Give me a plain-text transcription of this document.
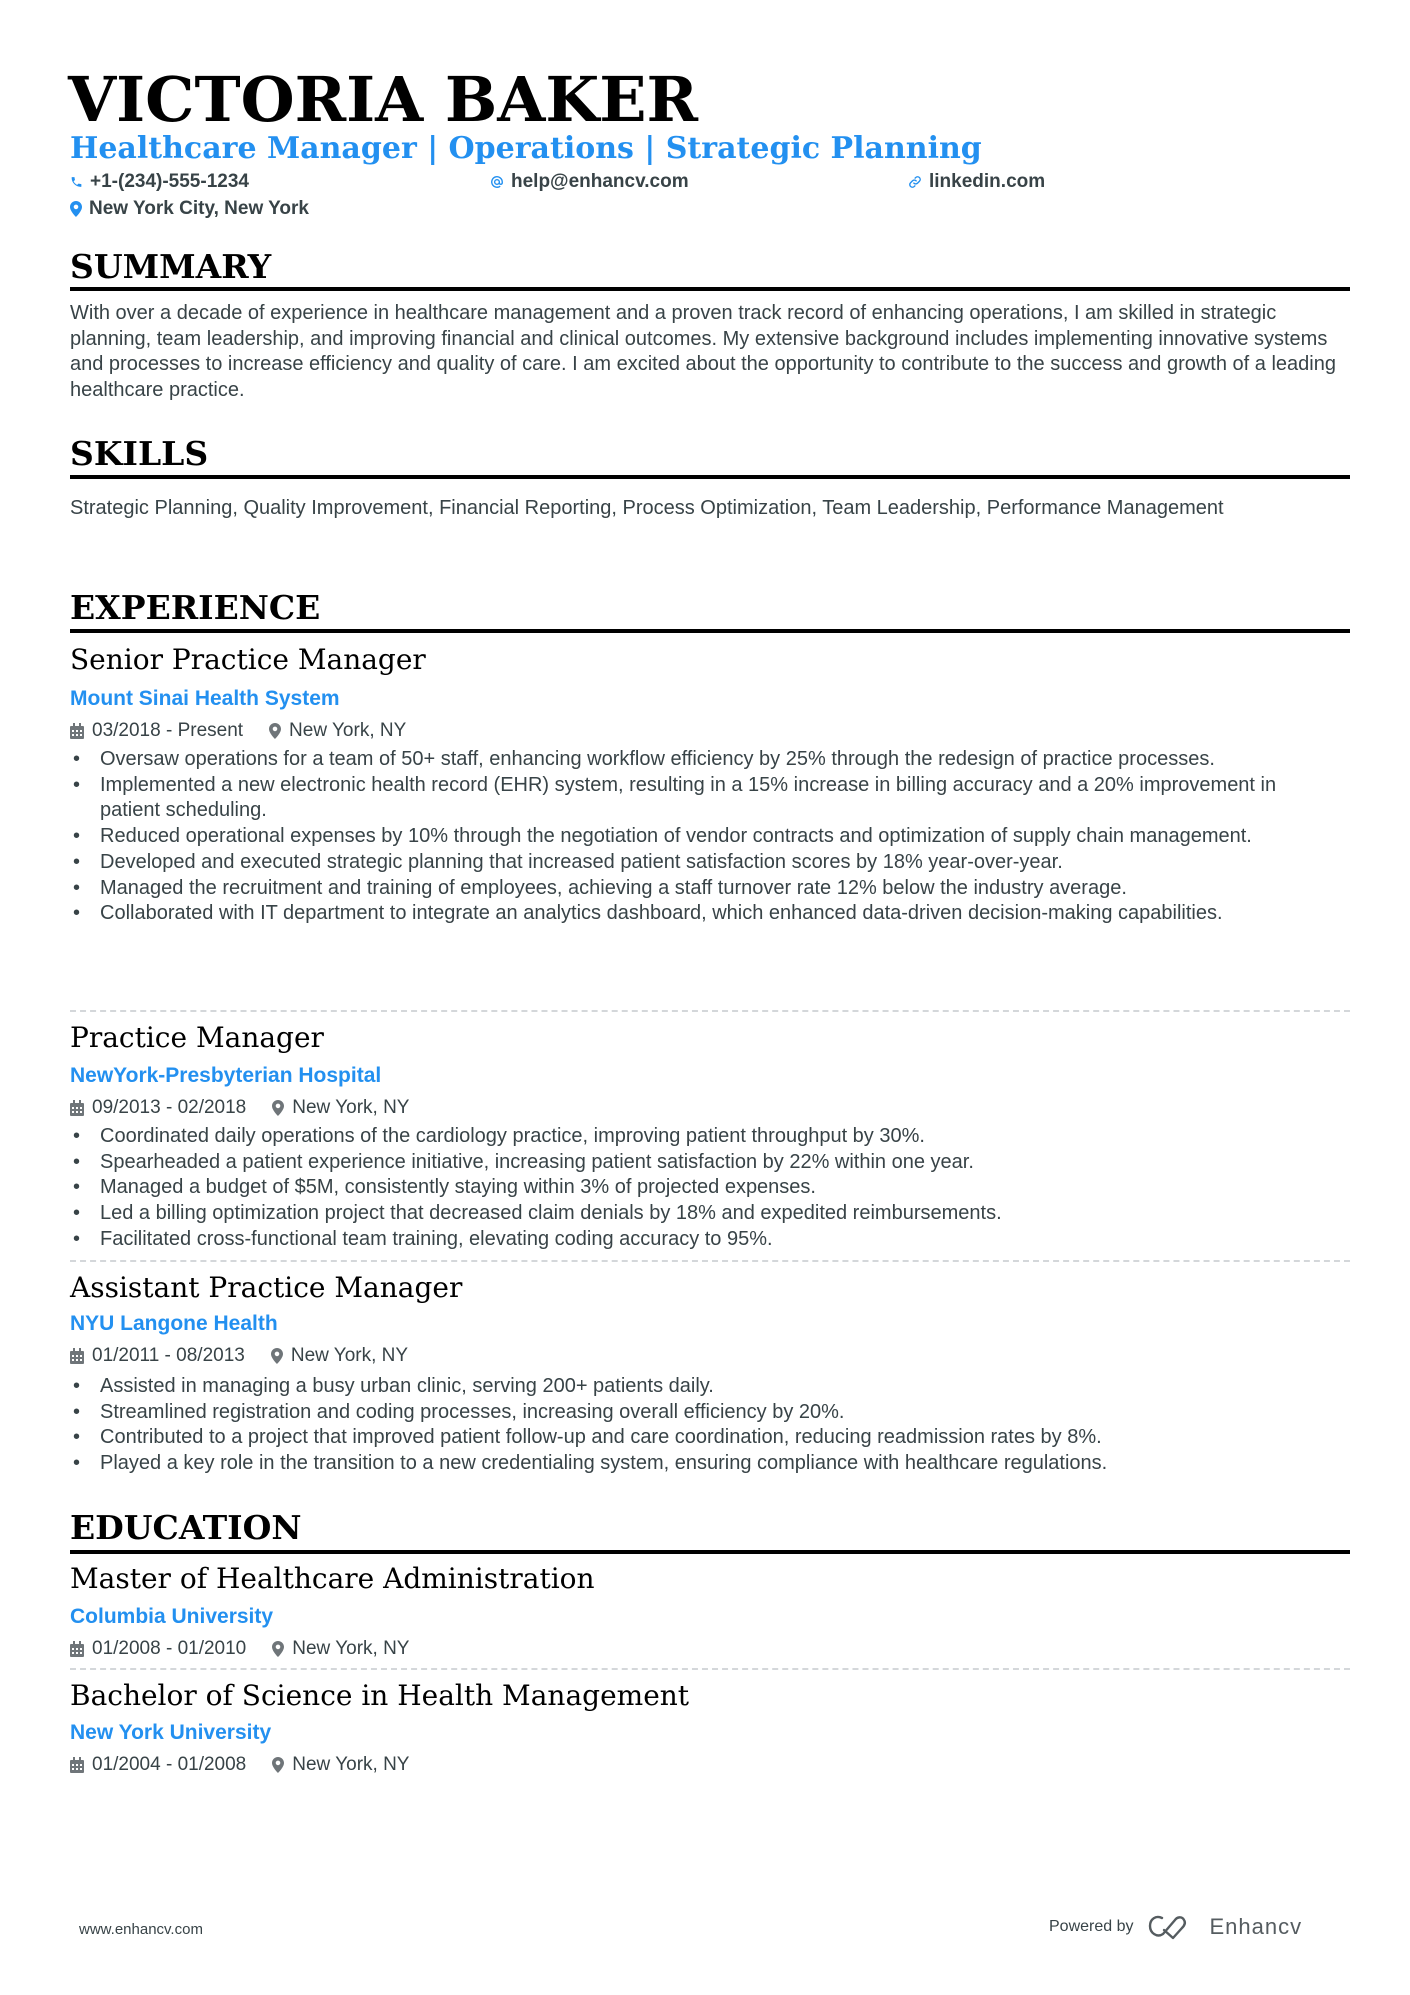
VICTORIA BAKER
Healthcare Manager | Operations | Strategic Planning
+1-(234)-555-1234	help@enhancv.com	linkedin.com
New York City, New York
SUMMARY
With over a decade of experience in healthcare management and a proven track record of enhancing operations, I am skilled in strategic planning, team leadership, and improving financial and clinical outcomes. My extensive background includes implementing innovative systems and processes to increase efficiency and quality of care. I am excited about the opportunity to contribute to the success and growth of a leading healthcare practice.
SKILLS
Strategic Planning, Quality Improvement, Financial Reporting, Process Optimization, Team Leadership, Performance Management
EXPERIENCE
Senior Practice Manager
Mount Sinai Health System
03/2018 - Present New York, NY
• Oversaw operations for a team of 50+ staff, enhancing workflow efficiency by 25% through the redesign of practice processes.
• Implemented a new electronic health record (EHR) system, resulting in a 15% increase in billing accuracy and a 20% improvement in patient scheduling.
• Reduced operational expenses by 10% through the negotiation of vendor contracts and optimization of supply chain management.
• Developed and executed strategic planning that increased patient satisfaction scores by 18% year-over-year.
• Managed the recruitment and training of employees, achieving a staff turnover rate 12% below the industry average.
• Collaborated with IT department to integrate an analytics dashboard, which enhanced data-driven decision-making capabilities.
Practice Manager
NewYork-Presbyterian Hospital
09/2013 - 02/2018 New York, NY
• Coordinated daily operations of the cardiology practice, improving patient throughput by 30%.
• Spearheaded a patient experience initiative, increasing patient satisfaction by 22% within one year.
• Managed a budget of $5M, consistently staying within 3% of projected expenses.
• Led a billing optimization project that decreased claim denials by 18% and expedited reimbursements.
• Facilitated cross-functional team training, elevating coding accuracy to 95%.
Assistant Practice Manager
NYU Langone Health
01/2011 - 08/2013 New York, NY
• Assisted in managing a busy urban clinic, serving 200+ patients daily.
• Streamlined registration and coding processes, increasing overall efficiency by 20%.
• Contributed to a project that improved patient follow-up and care coordination, reducing readmission rates by 8%.
• Played a key role in the transition to a new credentialing system, ensuring compliance with healthcare regulations.
EDUCATION
Master of Healthcare Administration
Columbia University
01/2008 - 01/2010 New York, NY
Bachelor of Science in Health Management
New York University
01/2004 - 01/2008 New York, NY
www.enhancv.com	Powered by	Enhancv
